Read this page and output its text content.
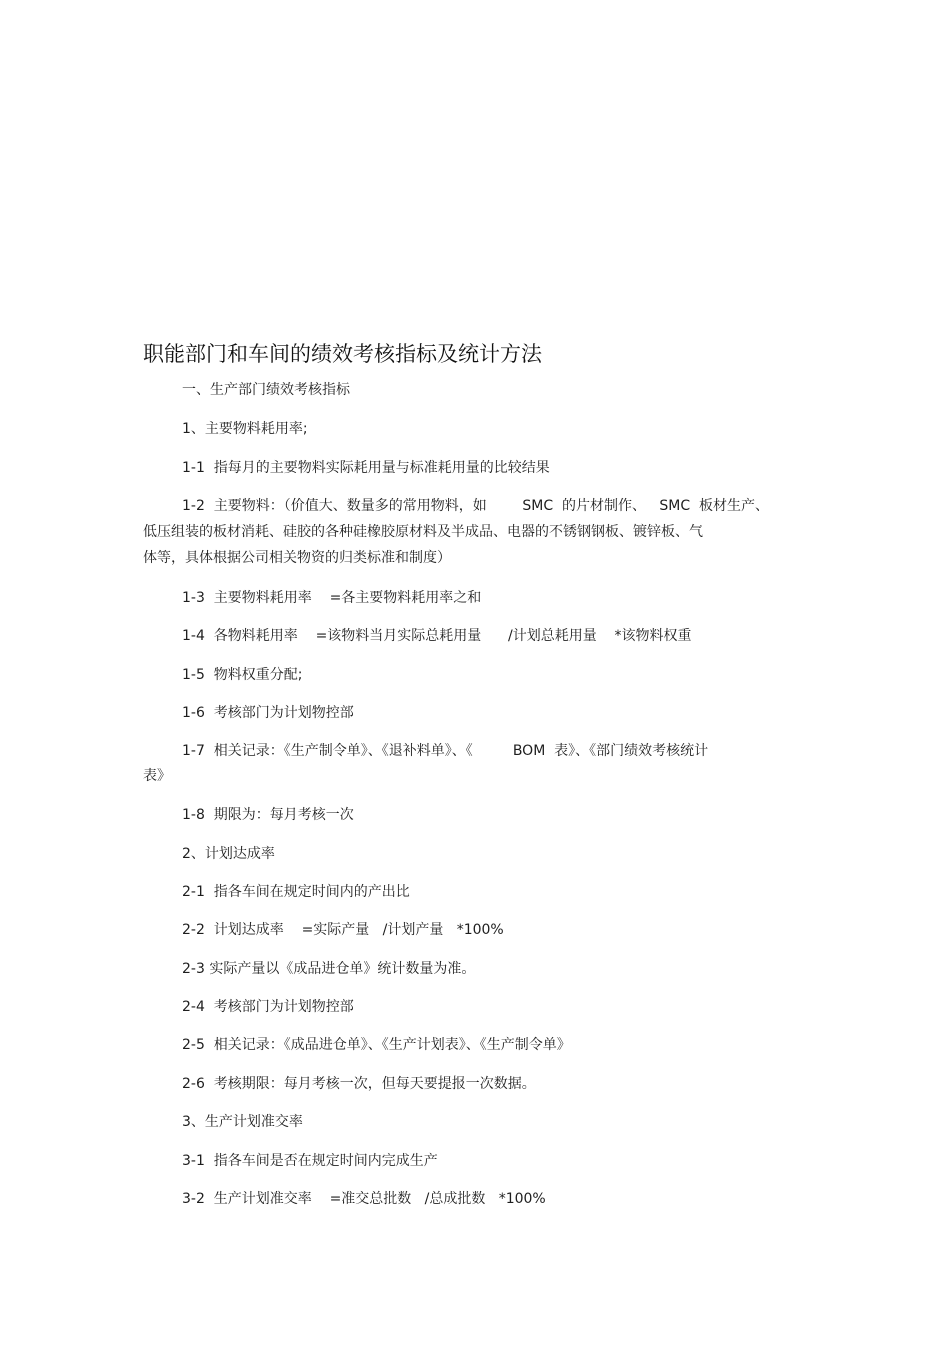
职能部门和车间的绩效考核指标及统计方法
一、生产部门绩效考核指标
1、主要物料耗用率;
1-1  指每月的主要物料实际耗用量与标准耗用量的比较结果
1-2  主要物料：（价值大、数量多的常用物料，如        SMC  的片材制作、   SMC  板材生产、
低压组装的板材消耗、硅胶的各种硅橡胶原材料及半成品、电器的不锈钢钢板、镀锌板、气
体等，具体根据公司相关物资的归类标准和制度）
1-3  主要物料耗用率    =各主要物料耗用率之和
1-4  各物料耗用率    =该物料当月实际总耗用量      /计划总耗用量    *该物料权重
1-5  物料权重分配;
1-6  考核部门为计划物控部
1-7  相关记录：《生产制令单》、《退补料单》、《         BOM  表》、《部门绩效考核统计
表》
1-8  期限为：每月考核一次
2、计划达成率
2-1  指各车间在规定时间内的产出比
2-2  计划达成率    =实际产量   /计划产量   *100%
2-3 实际产量以《成品进仓单》统计数量为准。
2-4  考核部门为计划物控部
2-5  相关记录：《成品进仓单》、《生产计划表》、《生产制令单》
2-6  考核期限：每月考核一次，但每天要提报一次数据。
3、生产计划准交率
3-1  指各车间是否在规定时间内完成生产
3-2  生产计划准交率    =准交总批数   /总成批数   *100%
